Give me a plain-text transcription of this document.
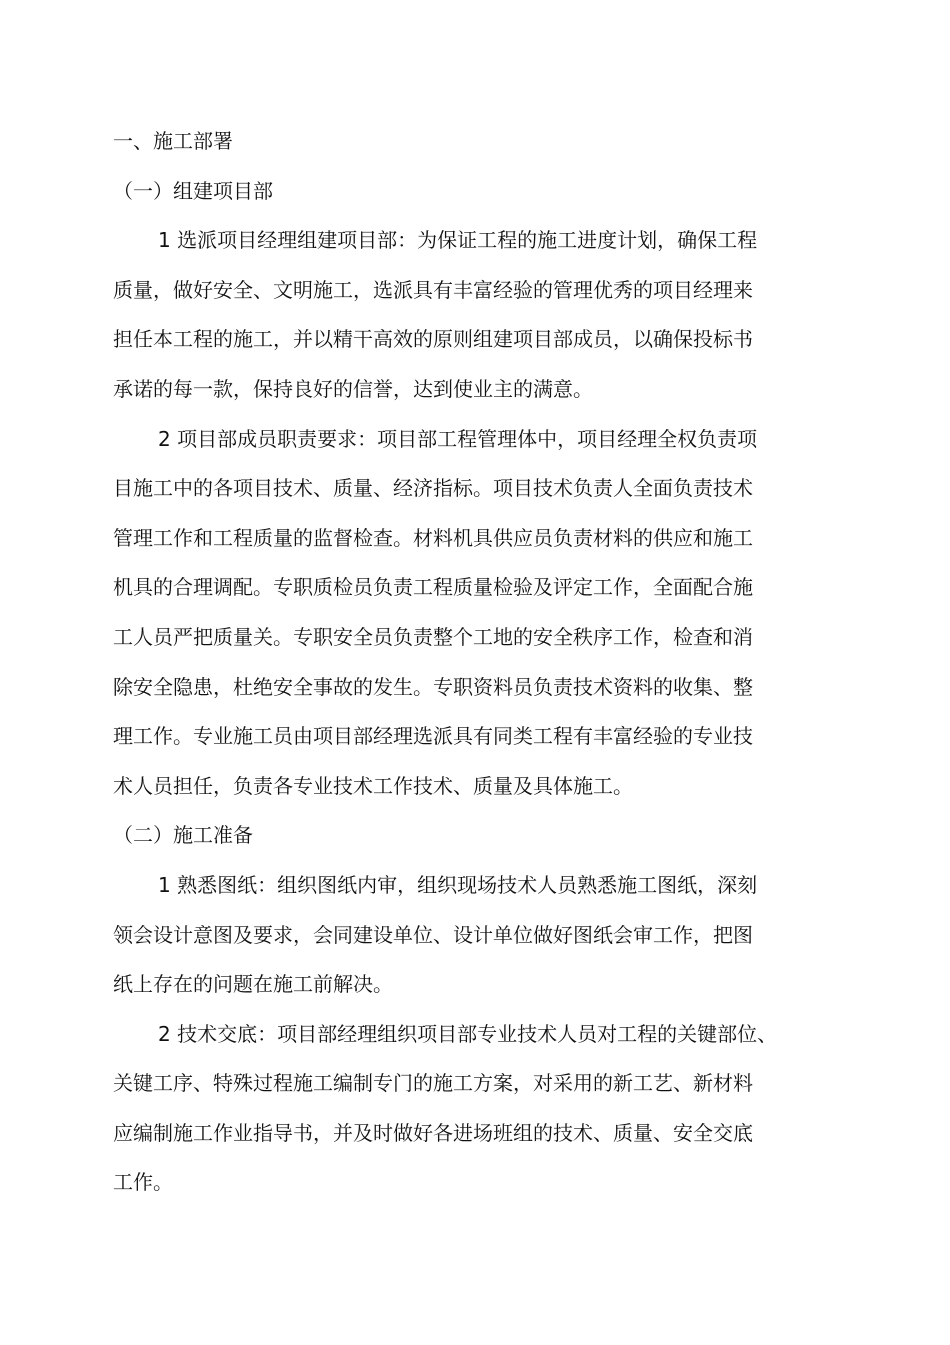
一、施工部署
（一）组建项目部
1 选派项目经理组建项目部：为保证工程的施工进度计划，确保工程
质量，做好安全、文明施工，选派具有丰富经验的管理优秀的项目经理来
担任本工程的施工，并以精干高效的原则组建项目部成员，以确保投标书
承诺的每一款，保持良好的信誉，达到使业主的满意。
2 项目部成员职责要求：项目部工程管理体中，项目经理全权负责项
目施工中的各项目技术、质量、经济指标。项目技术负责人全面负责技术
管理工作和工程质量的监督检查。材料机具供应员负责材料的供应和施工
机具的合理调配。专职质检员负责工程质量检验及评定工作，全面配合施
工人员严把质量关。专职安全员负责整个工地的安全秩序工作，检查和消
除安全隐患，杜绝安全事故的发生。专职资料员负责技术资料的收集、整
理工作。专业施工员由项目部经理选派具有同类工程有丰富经验的专业技
术人员担任，负责各专业技术工作技术、质量及具体施工。
（二）施工准备
1 熟悉图纸：组织图纸内审，组织现场技术人员熟悉施工图纸，深刻
领会设计意图及要求，会同建设单位、设计单位做好图纸会审工作，把图
纸上存在的问题在施工前解决。
2 技术交底：项目部经理组织项目部专业技术人员对工程的关键部位、
关键工序、特殊过程施工编制专门的施工方案，对采用的新工艺、新材料
应编制施工作业指导书，并及时做好各进场班组的技术、质量、安全交底
工作。
